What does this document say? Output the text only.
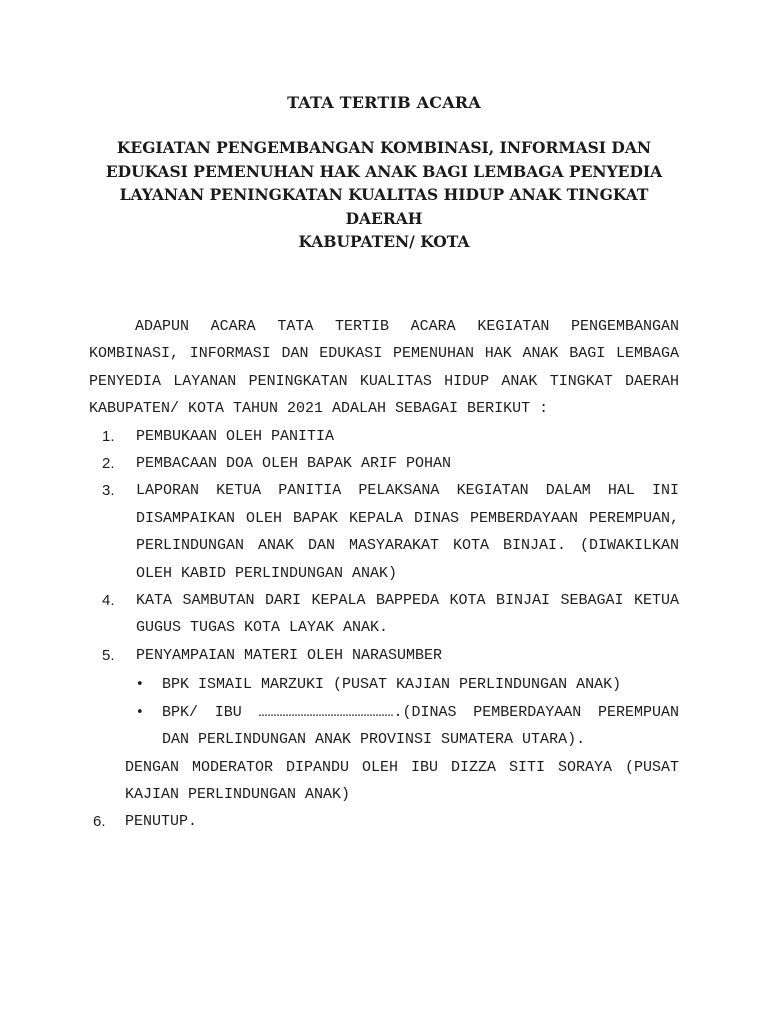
TATA TERTIB ACARA
KEGIATAN PENGEMBANGAN KOMBINASI, INFORMASI DAN
EDUKASI PEMENUHAN HAK ANAK BAGI LEMBAGA PENYEDIA
LAYANAN PENINGKATAN KUALITAS HIDUP ANAK TINGKAT
DAERAH
KABUPATEN/ KOTA

ADAPUN ACARA TATA TERTIB ACARA KEGIATAN PENGEMBANGAN KOMBINASI, INFORMASI DAN EDUKASI PEMENUHAN HAK ANAK BAGI LEMBAGA PENYEDIA LAYANAN PENINGKATAN KUALITAS HIDUP ANAK TINGKAT DAERAH KABUPATEN/ KOTA TAHUN 2021 ADALAH SEBAGAI BERIKUT :

1. PEMBUKAAN OLEH PANITIA
2. PEMBACAAN DOA OLEH BAPAK ARIF POHAN
3. LAPORAN KETUA PANITIA PELAKSANA KEGIATAN DALAM HAL INI DISAMPAIKAN OLEH BAPAK KEPALA DINAS PEMBERDAYAAN PEREMPUAN, PERLINDUNGAN ANAK DAN MASYARAKAT KOTA BINJAI. (DIWAKILKAN OLEH KABID PERLINDUNGAN ANAK)
4. KATA SAMBUTAN DARI KEPALA BAPPEDA KOTA BINJAI SEBAGAI KETUA GUGUS TUGAS KOTA LAYAK ANAK.
5. PENYAMPAIAN MATERI OLEH NARASUMBER
• BPK ISMAIL MARZUKI (PUSAT KAJIAN PERLINDUNGAN ANAK)
• BPK/ IBU ……………………………………….(DINAS PEMBERDAYAAN PEREMPUAN DAN PERLINDUNGAN ANAK PROVINSI SUMATERA UTARA).

DENGAN MODERATOR DIPANDU OLEH IBU DIZZA SITI SORAYA (PUSAT KAJIAN PERLINDUNGAN ANAK)

6. PENUTUP.
